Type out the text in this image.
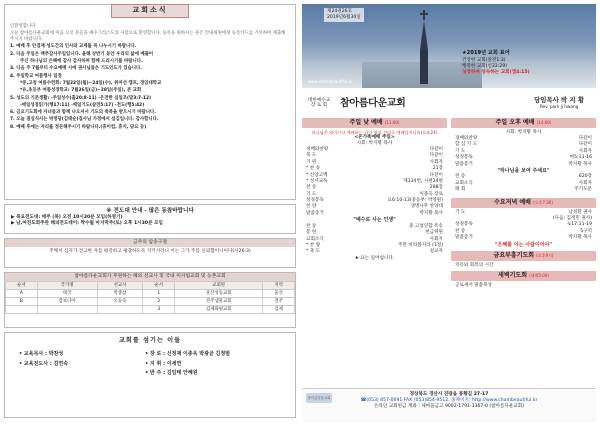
교회소식

인환영합니다

오늘 참아름다운교회에 처음 오신 분들을 예수그리스도의 사랑으로 환영합니다. 등록을 원하시는 분은 안내위원에게 등록카드를 기록하여 제출해 주시기 바랍니다.

1. 예배 후 안겸재 성도간의 인사와 교제를 꼭 나누시기 바랍니다.

2. 다음 주일은 맥추감사주일입니다. 올해 상반기 동안 우리의 삶에 베풀어

주신 하나님의 은혜에 감사 감사하며 함께 드리시기를 바랍니다.

3. 다음 주 7월부터 수요예배 시에 권사님들은 기도인도가 있습니다.

4. 주일학교 여름행사 일정

*중,고청 여름수련회: 7월22일(월)~24일(수), 위미선 캠프, 경암대학교

*유,초등부 여름성경학교: 7월26일(금)~28일(주일), 본 교회

5. 성도의 기본생활: -주일성수(출20:8-11) -온전한 십일조(말3:7-12)

-매일성경읽기(행17:11) -매일기도(살전5:17) -전도(행5:42)

6. 금요기도회에 자녀들과 함께 나오셔서 기도의 축복을 받으시기 바랍니다.

7. 오늘 점심식사는 박정당(김태순)집사님 가정에서 섬김입니다. 감사합니다.

8. 예배 후에는 자리를 정돈해주시기 바랍니다.(휴이컵, 휴지, 당요 등)

※ 전도대 안내 - 많은 동참바랍니다

▶ 목요전도대: 매주 (목) 오전 10시30분 모임(하영기)

▶ 남,여전도회주관 해피전도데이: 짝수월 마지막주(토) 오후 1시30분 모임

금주의 암송구절
주께서 심지가 견고한 자를 평강하고 평강하도록 지키시리니 이는 그가 주를 신뢰함이니이다(사26:3)
참아름다운교회가 후원하는 해외 선교사 및 국내 미자립교회 및 농촌교회
순서	국가명	선교사	순서	교회명	지역
A	태국	박종섭	1	울산성동교회	울산
B	캄보디아	오승욱	2	전주샘물교회	전주
			3	김제화평교회	김제
교회를 섬기는 이들

• 교육목사 : 박찬성

• 교육전도사 : 김연숙

• 장 로 : 신정재 이종욱 박광균 김정범

• 지 휘 : 이세연

• 반 주 : 김임태 안혜원

제24권26호
2019년6월30일
www.chambeautiful.kr
★2019년 교회 표어
건강한 교회(살전1:3)
행복한 교회(신33:29)
성장하며 성숙하는 교회(엡4:15)
대한예수교
장 로 회	참아름다운교회	담임목사 박 지 황
Rev. park ji hwang
주일 낮 예배 (11:00)
하나님은 영이시니 예배하는 자가 영과 진리로 예배할지니라(요4:24)
<온가족예배 주일>
사회: 박지황 목사
경배와찬양	다같이
묵 도	다같이
기 원	사회자
* 찬 송	21장
* 신앙고백	다같이
* 성시교독	제134번, 시편24편
찬 송	288장
기 도	이종욱 장로
성경봉독	요6:10-13(중등부: 박영원)
찬 양	생명나무 찬양대
말씀증거	박지황 목사
"예수로 사는 인생"
찬 송	중.고청연합 특송
봉 헌	헌금위원
교회소식	사회자
* 찬 양	주만 바라볼지라 (1절)
* 축 도	설교자
★ 표는 일어섭니다.
주일 오후 예배 (14:00)
사회: 박지황 목사
경배와찬양	다같이
합 심 기 도	다같이
기 도	사회자
성경봉독	마5:11-16
말씀증거	박지황 목사
"하나님을 보여 주세요"
찬 송	620장
교회소식	사회자
폐 회	주기도문
수요저녁 예배 (오후7:30)
기 도	남경환 권사
(다음: 김정민 권사)
성경봉독	눅17:11-19
찬 송	5구역
말씀증거	박지황 목사
"은혜를 아는 사람이어야"
금요부흥기도회 (오후9시)
치유와 회복의 시간
새벽기도회 (새벽5:00)
공로새서 말씀묵상
참아름다운교회
경상북도 경산시 진량읍 봉황길 27-17
☎(053) 857-0691·FAX (053)854-9512. 홈페이지: http://www.chambeautiful.kr
온라인 교회헌금 계좌 : 새마을금고 9002-1791-3367-0 (참아름다운교회)
